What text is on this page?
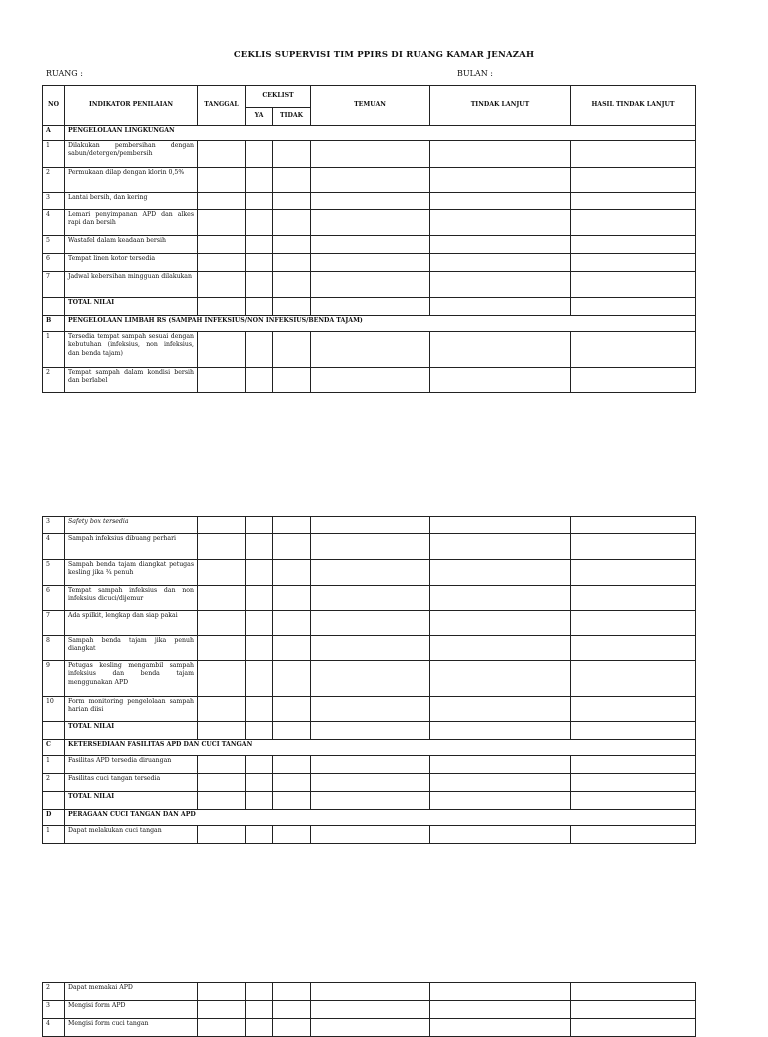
CEKLIS SUPERVISI TIM PPIRS DI RUANG KAMAR JENAZAH
RUANG :	BULAN :
NO	INDIKATOR PENILAIAN	TANGGAL	CEKLIST		TEMUAN	TINDAK LANJUT	HASIL TINDAK LANJUT
			YA	TIDAK			
A	PENGELOLAAN LINGKUNGAN						
1	Dilakukan pembersihan dengan sabun/detergen/pembersih						
2	Permukaan dilap dengan klorin 0,5%						
3	Lantai bersih, dan kering						
4	Lemari penyimpanan APD dan alkes rapi dan bersih						
5	Wastafel dalam keadaan bersih						
6	Tempat linen kotor tersedia						
7	Jadwal kebersihan mingguan dilakukan						
	TOTAL NILAI						
B	PENGELOLAAN LIMBAH RS (SAMPAH INFEKSIUS/NON INFEKSIUS/BENDA TAJAM)						
1	Tersedia tempat sampah sesuai dengan kebutuhan (infeksius, non infeksius, dan benda tajam)						
2	Tempat sampah dalam kondisi bersih dan berlabel						
3	Safety box tersedia						
4	Sampah infeksius dibuang perhari						
5	Sampah benda tajam diangkat petugas kesling jika ¾ penuh						
6	Tempat sampah infeksius dan non infeksius dicuci/dijemur						
7	Ada spilkit, lengkap dan siap pakai						
8	Sampah benda tajam jika penuh diangkat						
9	Petugas kesling mengambil sampah infeksius dan benda tajam menggunakan APD						
10	Form monitoring pengelolaan sampah harian diisi						
	TOTAL NILAI						
C	KETERSEDIAAN FASILITAS APD DAN CUCI TANGAN						
1	Fasilitas APD tersedia diruangan						
2	Fasilitas cuci tangan tersedia						
	TOTAL NILAI						
D	PERAGAAN CUCI TANGAN DAN APD						
1	Dapat melakukan cuci tangan						
2	Dapat memakai APD						
3	Mengisi form APD						
4	Mengisi form cuci tangan						
